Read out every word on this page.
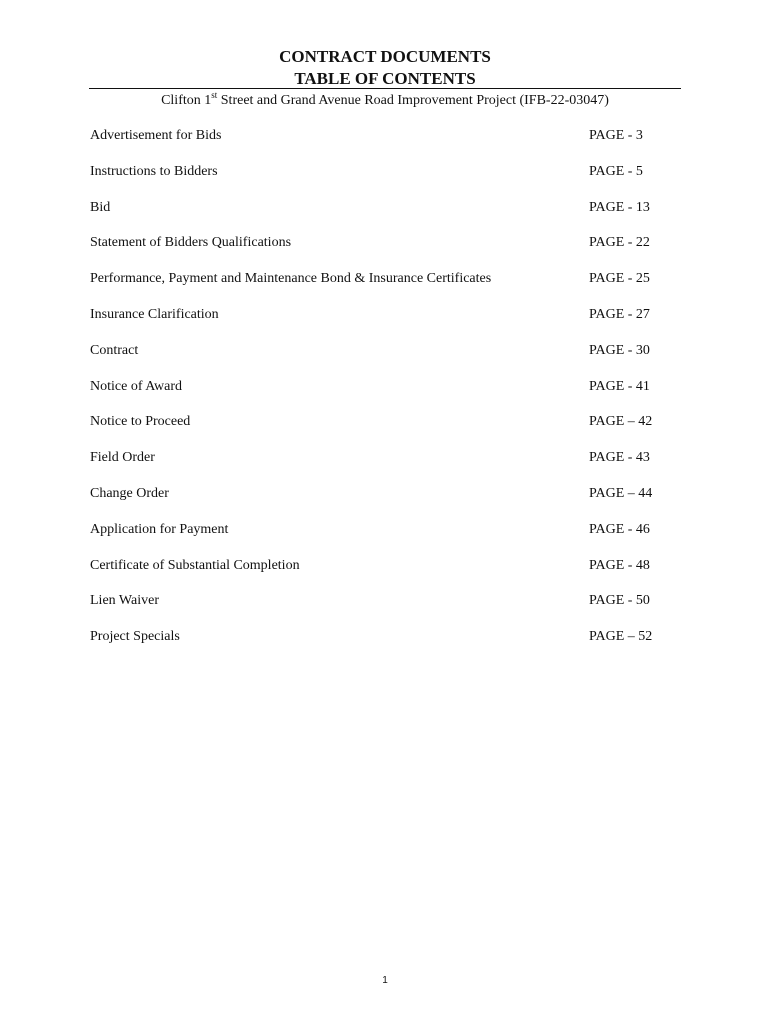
CONTRACT DOCUMENTS
TABLE OF CONTENTS
Clifton 1st Street and Grand Avenue Road Improvement Project (IFB-22-03047)
Advertisement for Bids	PAGE - 3
Instructions to Bidders	PAGE - 5
Bid	PAGE - 13
Statement of Bidders Qualifications	PAGE - 22
Performance, Payment and Maintenance Bond & Insurance Certificates	PAGE - 25
Insurance Clarification	PAGE - 27
Contract	PAGE - 30
Notice of Award	PAGE - 41
Notice to Proceed	PAGE – 42
Field Order	PAGE - 43
Change Order	PAGE – 44
Application for Payment	PAGE - 46
Certificate of Substantial Completion	PAGE - 48
Lien Waiver	PAGE - 50
Project Specials	PAGE – 52
1
